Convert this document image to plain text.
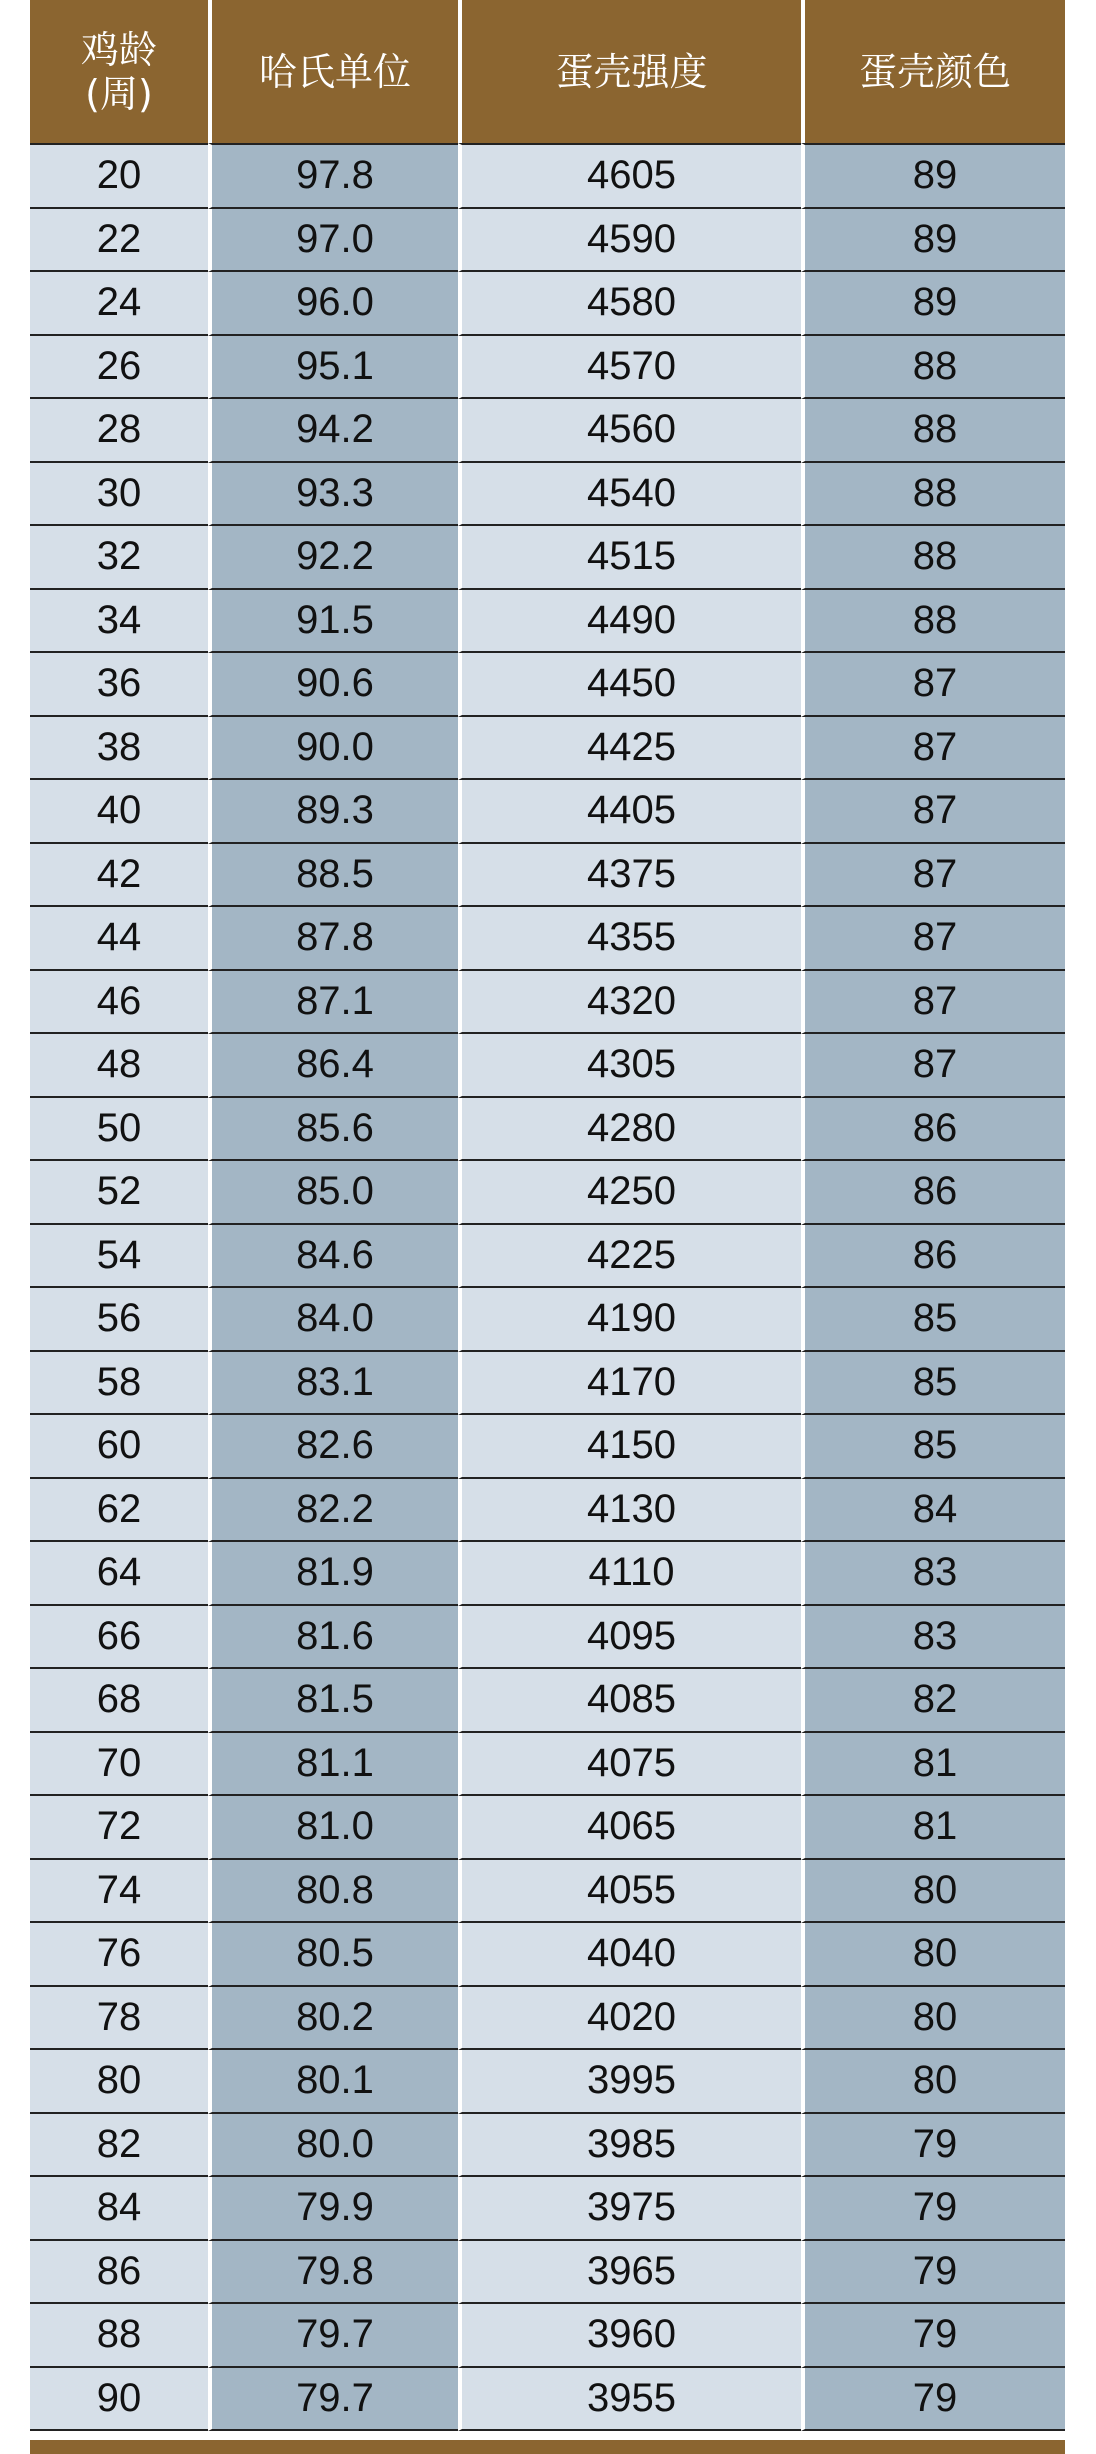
鸡龄
(周)	哈氏单位	蛋壳强度	蛋壳颜色

20	97.8	4605	89
22	97.0	4590	89
24	96.0	4580	89
26	95.1	4570	88
28	94.2	4560	88
30	93.3	4540	88
32	92.2	4515	88
34	91.5	4490	88
36	90.6	4450	87
38	90.0	4425	87
40	89.3	4405	87
42	88.5	4375	87
44	87.8	4355	87
46	87.1	4320	87
48	86.4	4305	87
50	85.6	4280	86
52	85.0	4250	86
54	84.6	4225	86
56	84.0	4190	85
58	83.1	4170	85
60	82.6	4150	85
62	82.2	4130	84
64	81.9	4110	83
66	81.6	4095	83
68	81.5	4085	82
70	81.1	4075	81
72	81.0	4065	81
74	80.8	4055	80
76	80.5	4040	80
78	80.2	4020	80
80	80.1	3995	80
82	80.0	3985	79
84	79.9	3975	79
86	79.8	3965	79
88	79.7	3960	79
90	79.7	3955	79
